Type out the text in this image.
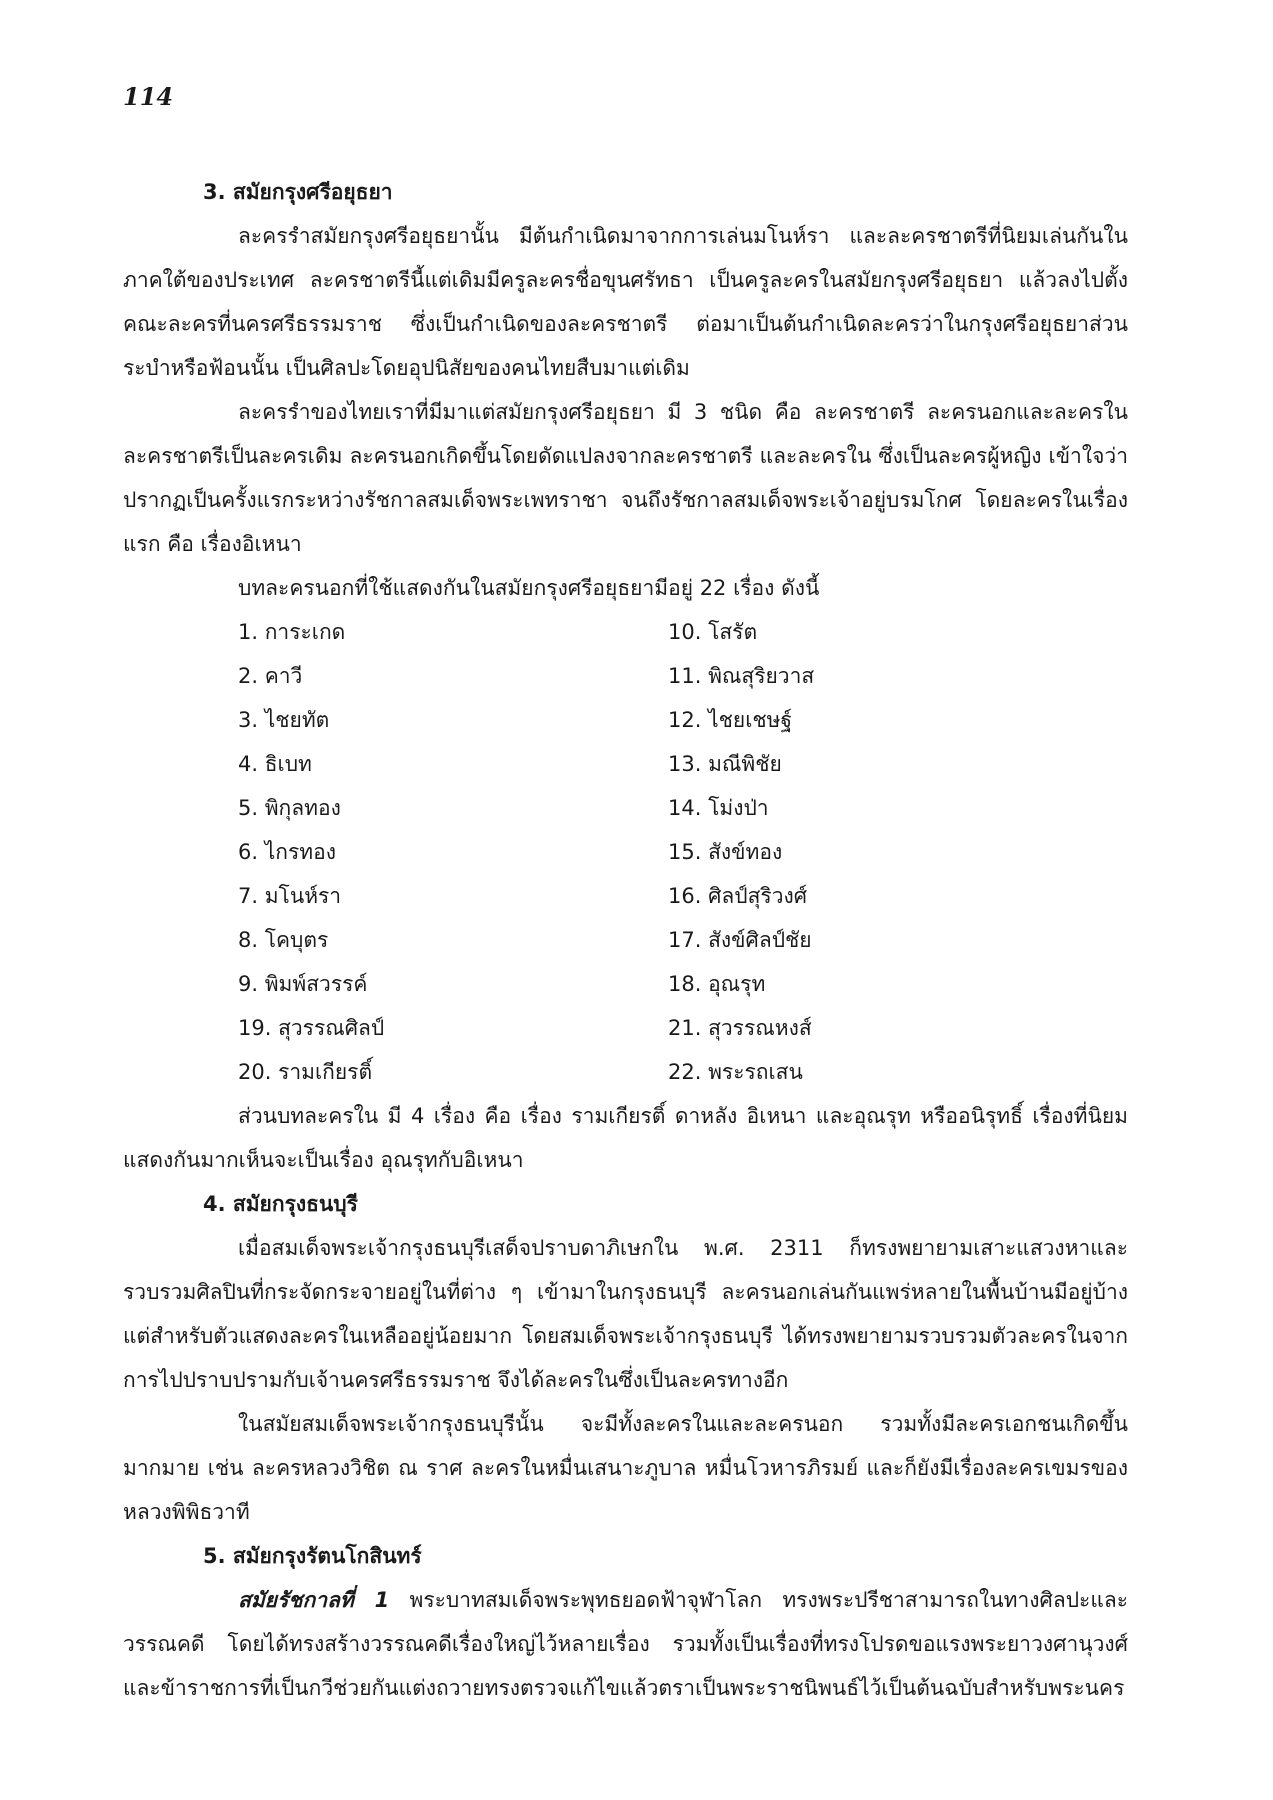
114

3. สมัยกรุงศรีอยุธยา

ละครรำสมัยกรุงศรีอยุธยานั้น มีต้นกำเนิดมาจากการเล่นมโนห์รา และละครชาตรีที่นิยมเล่นกันในภาคใต้ของประเทศ ละครชาตรีนี้แต่เดิมมีครูละครชื่อขุนศรัทธา เป็นครูละครในสมัยกรุงศรีอยุธยา แล้วลงไปตั้งคณะละครที่นครศรีธรรมราช ซึ่งเป็นกำเนิดของละครชาตรี ต่อมาเป็นต้นกำเนิดละครว่าในกรุงศรีอยุธยาส่วนระบำหรือฟ้อนนั้น เป็นศิลปะโดยอุปนิสัยของคนไทยสืบมาแต่เดิม

ละครรำของไทยเราที่มีมาแต่สมัยกรุงศรีอยุธยา มี 3 ชนิด คือ ละครชาตรี ละครนอกและละครในละครชาตรีเป็นละครเดิม ละครนอกเกิดขึ้นโดยดัดแปลงจากละครชาตรี และละครใน ซึ่งเป็นละครผู้หญิง เข้าใจว่าปรากฏเป็นครั้งแรกระหว่างรัชกาลสมเด็จพระเพทราชา จนถึงรัชกาลสมเด็จพระเจ้าอยู่บรมโกศ โดยละครในเรื่องแรก คือ เรื่องอิเหนา

บทละครนอกที่ใช้แสดงกันในสมัยกรุงศรีอยุธยามีอยู่ 22 เรื่อง ดังนี้

1. การะเกด	10. โสรัต
2. คาวี	11. พิณสุริยวาส
3. ไชยทัต	12. ไชยเชษฐ์
4. ธิเบท	13. มณีพิชัย
5. พิกุลทอง	14. โม่งป่า
6. ไกรทอง	15. สังข์ทอง
7. มโนห์รา	16. ศิลป์สุริวงศ์
8. โคบุตร	17. สังข์ศิลป์ชัย
9. พิมพ์สวรรค์	18. อุณรุท
19. สุวรรณศิลป์	21. สุวรรณหงส์
20. รามเกียรติ์	22. พระรถเสน

ส่วนบทละครใน มี 4 เรื่อง คือ เรื่อง รามเกียรติ์ ดาหลัง อิเหนา และอุณรุท หรืออนิรุทธิ์ เรื่องที่นิยมแสดงกันมากเห็นจะเป็นเรื่อง อุณรุทกับอิเหนา

4. สมัยกรุงธนบุรี

เมื่อสมเด็จพระเจ้ากรุงธนบุรีเสด็จปราบดาภิเษกใน พ.ศ. 2311 ก็ทรงพยายามเสาะแสวงหาและรวบรวมศิลปินที่กระจัดกระจายอยู่ในที่ต่าง ๆ เข้ามาในกรุงธนบุรี ละครนอกเล่นกันแพร่หลายในพื้นบ้านมีอยู่บ้างแต่สำหรับตัวแสดงละครในเหลืออยู่น้อยมาก โดยสมเด็จพระเจ้ากรุงธนบุรี ได้ทรงพยายามรวบรวมตัวละครในจากการไปปราบปรามกับเจ้านครศรีธรรมราช จึงได้ละครในซึ่งเป็นละครทางอีก

ในสมัยสมเด็จพระเจ้ากรุงธนบุรีนั้น จะมีทั้งละครในและละครนอก รวมทั้งมีละครเอกชนเกิดขึ้นมากมาย เช่น ละครหลวงวิชิต ณ ราศ ละครในหมื่นเสนาะภูบาล หมื่นโวหารภิรมย์ และก็ยังมีเรื่องละครเขมรของหลวงพิพิธวาที

5. สมัยกรุงรัตนโกสินทร์

สมัยรัชกาลที่ 1 พระบาทสมเด็จพระพุทธยอดฟ้าจุฬาโลก ทรงพระปรีชาสามารถในทางศิลปะและวรรณคดี โดยได้ทรงสร้างวรรณคดีเรื่องใหญ่ไว้หลายเรื่อง รวมทั้งเป็นเรื่องที่ทรงโปรดขอแรงพระยาวงศานุวงศ์และข้าราชการที่เป็นกวีช่วยกันแต่งถวายทรงตรวจแก้ไขแล้วตราเป็นพระราชนิพนธ์ไว้เป็นต้นฉบับสำหรับพระนคร
